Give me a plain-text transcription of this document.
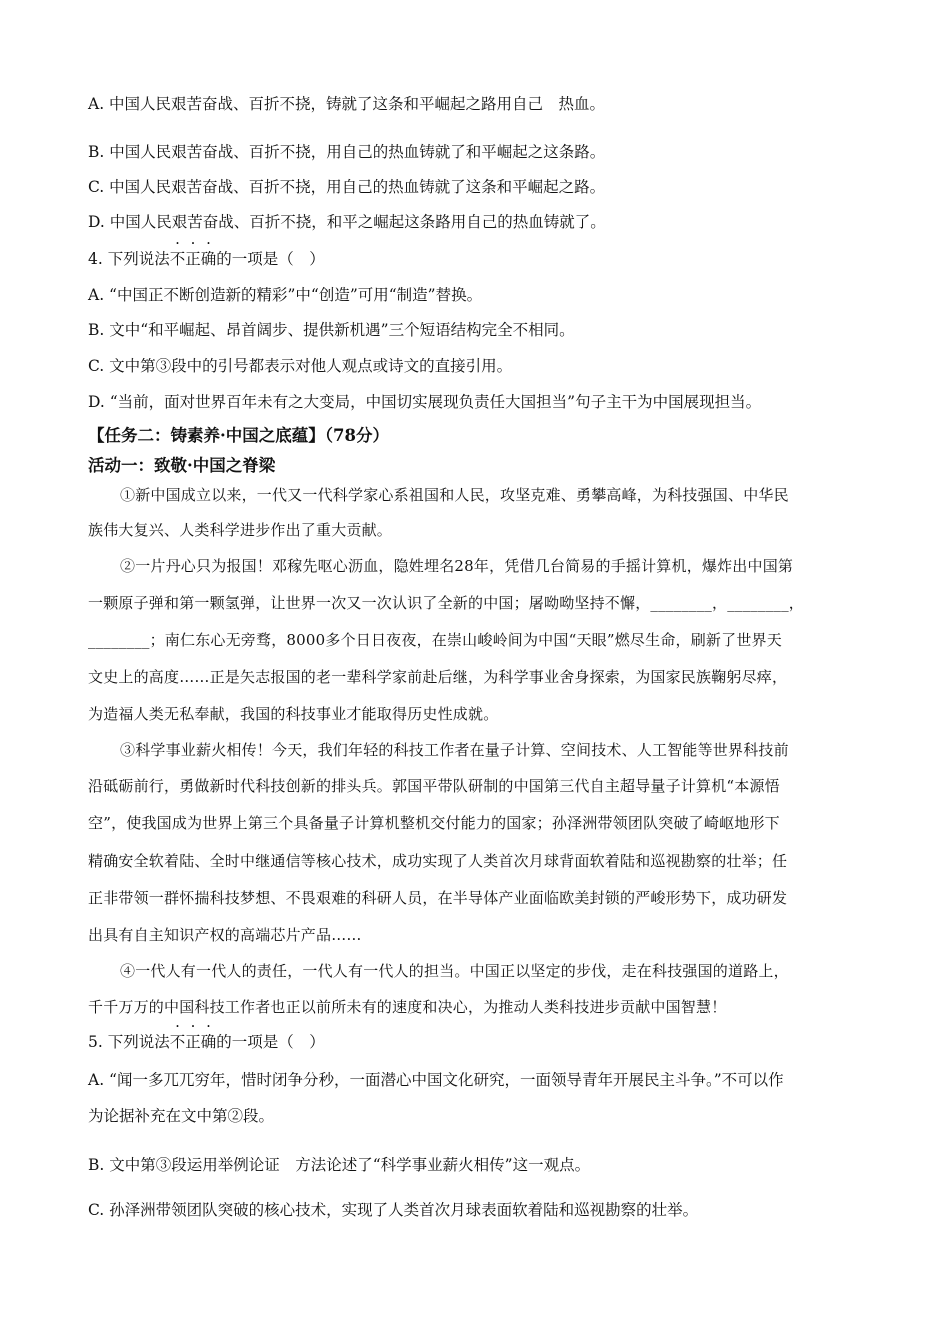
A. 中国人民艰苦奋战、百折不挠，铸就了这条和平崛起之路用自己　热血。
B. 中国人民艰苦奋战、百折不挠，用自己的热血铸就了和平崛起之这条路。
C. 中国人民艰苦奋战、百折不挠，用自己的热血铸就了这条和平崛起之路。
D. 中国人民艰苦奋战、百折不挠，和平之崛起这条路用自己的热血铸就了。
4. 下列说法不正确的一项是（　）
A. “中国正不断创造新的精彩”中“创造”可用“制造”替换。
B. 文中“和平崛起、昂首阔步、提供新机遇”三个短语结构完全不相同。
C. 文中第③段中的引号都表示对他人观点或诗文的直接引用。
D. “当前，面对世界百年未有之大变局，中国切实展现负责任大国担当”句子主干为中国展现担当。
【任务二：铸素养·中国之底蕴】（78分）
活动一：致敬·中国之脊梁
①新中国成立以来，一代又一代科学家心系祖国和人民，攻坚克难、勇攀高峰，为科技强国、中华民
族伟大复兴、人类科学进步作出了重大贡献。
②一片丹心只为报国！邓稼先呕心沥血，隐姓埋名28年，凭借几台简易的手摇计算机，爆炸出中国第
一颗原子弹和第一颗氢弹，让世界一次又一次认识了全新的中国；屠呦呦坚持不懈，________，________，
________；南仁东心无旁骛，8000多个日日夜夜，在崇山峻岭间为中国“天眼”燃尽生命，刷新了世界天
文史上的高度……正是矢志报国的老一辈科学家前赴后继，为科学事业舍身探索，为国家民族鞠躬尽瘁，
为造福人类无私奉献，我国的科技事业才能取得历史性成就。
③科学事业薪火相传！今天，我们年轻的科技工作者在量子计算、空间技术、人工智能等世界科技前
沿砥砺前行，勇做新时代科技创新的排头兵。郭国平带队研制的中国第三代自主超导量子计算机“本源悟
空”，使我国成为世界上第三个具备量子计算机整机交付能力的国家；孙泽洲带领团队突破了崎岖地形下
精确安全软着陆、全时中继通信等核心技术，成功实现了人类首次月球背面软着陆和巡视勘察的壮举；任
正非带领一群怀揣科技梦想、不畏艰难的科研人员，在半导体产业面临欧美封锁的严峻形势下，成功研发
出具有自主知识产权的高端芯片产品……
④一代人有一代人的责任，一代人有一代人的担当。中国正以坚定的步伐，走在科技强国的道路上，
千千万万的中国科技工作者也正以前所未有的速度和决心，为推动人类科技进步贡献中国智慧！
5. 下列说法不正确的一项是（　）
A. “闻一多兀兀穷年，惜时闭争分秒，一面潜心中国文化研究，一面领导青年开展民主斗争。”不可以作
为论据补充在文中第②段。
B. 文中第③段运用举例论证　方法论述了“科学事业薪火相传”这一观点。
C. 孙泽洲带领团队突破的核心技术，实现了人类首次月球表面软着陆和巡视勘察的壮举。
